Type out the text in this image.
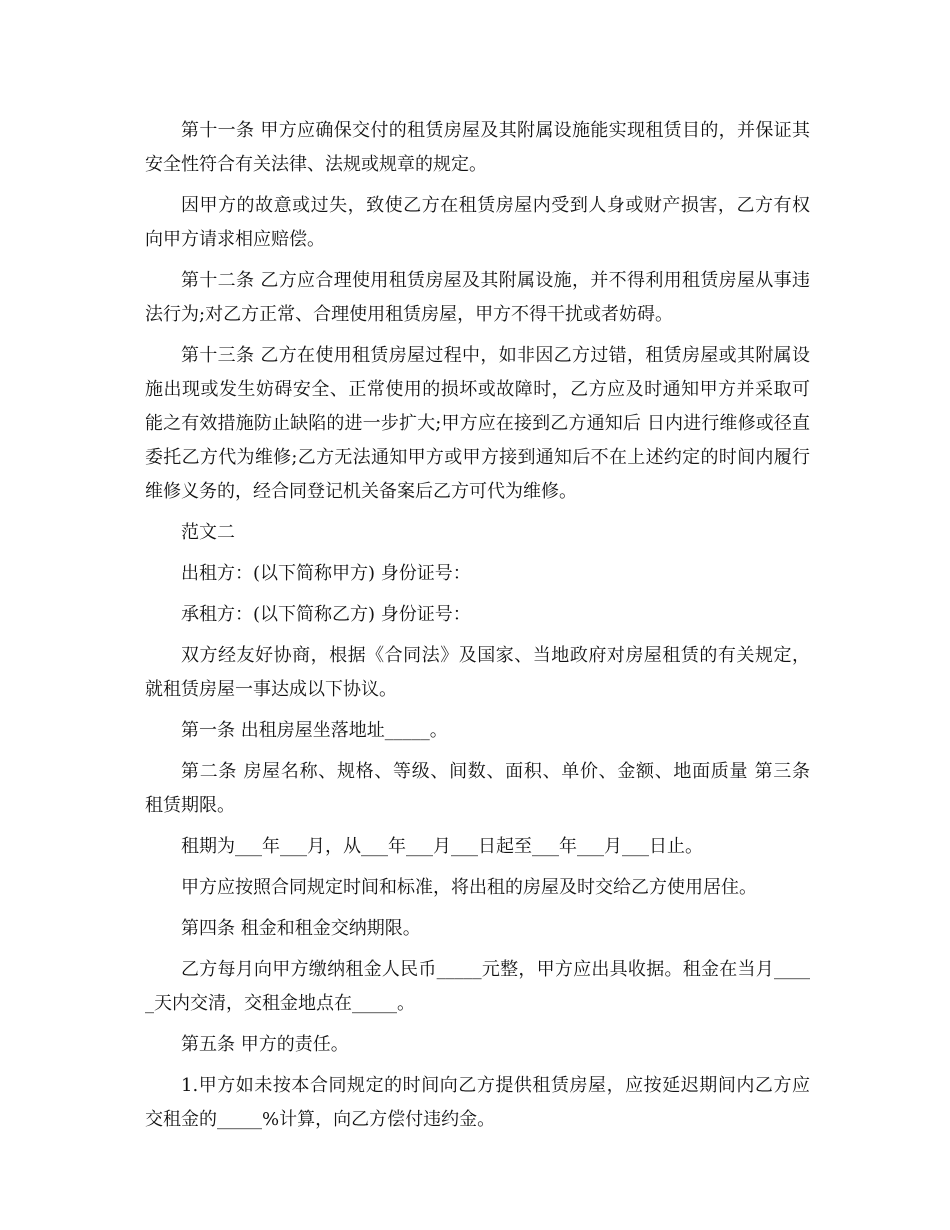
第十一条 甲方应确保交付的租赁房屋及其附属设施能实现租赁目的，并保证其安全性符合有关法律、法规或规章的规定。

因甲方的故意或过失，致使乙方在租赁房屋内受到人身或财产损害，乙方有权向甲方请求相应赔偿。

第十二条 乙方应合理使用租赁房屋及其附属设施，并不得利用租赁房屋从事违法行为;对乙方正常、合理使用租赁房屋，甲方不得干扰或者妨碍。

第十三条 乙方在使用租赁房屋过程中，如非因乙方过错，租赁房屋或其附属设施出现或发生妨碍安全、正常使用的损坏或故障时，乙方应及时通知甲方并采取可能之有效措施防止缺陷的进一步扩大;甲方应在接到乙方通知后 日内进行维修或径直委托乙方代为维修;乙方无法通知甲方或甲方接到通知后不在上述约定的时间内履行维修义务的，经合同登记机关备案后乙方可代为维修。

范文二

出租方：(以下简称甲方) 身份证号：

承租方：(以下简称乙方) 身份证号：

双方经友好协商，根据《合同法》及国家、当地政府对房屋租赁的有关规定，就租赁房屋一事达成以下协议。

第一条 出租房屋坐落地址_____。

第二条 房屋名称、规格、等级、间数、面积、单价、金额、地面质量 第三条 租赁期限。

租期为___年___月，从___年___月___日起至___年___月___日止。

甲方应按照合同规定时间和标准，将出租的房屋及时交给乙方使用居住。

第四条 租金和租金交纳期限。

乙方每月向甲方缴纳租金人民币_____元整，甲方应出具收据。租金在当月_____天内交清，交租金地点在_____。

第五条 甲方的责任。

1.甲方如未按本合同规定的时间向乙方提供租赁房屋，应按延迟期间内乙方应交租金的_____%计算，向乙方偿付违约金。
